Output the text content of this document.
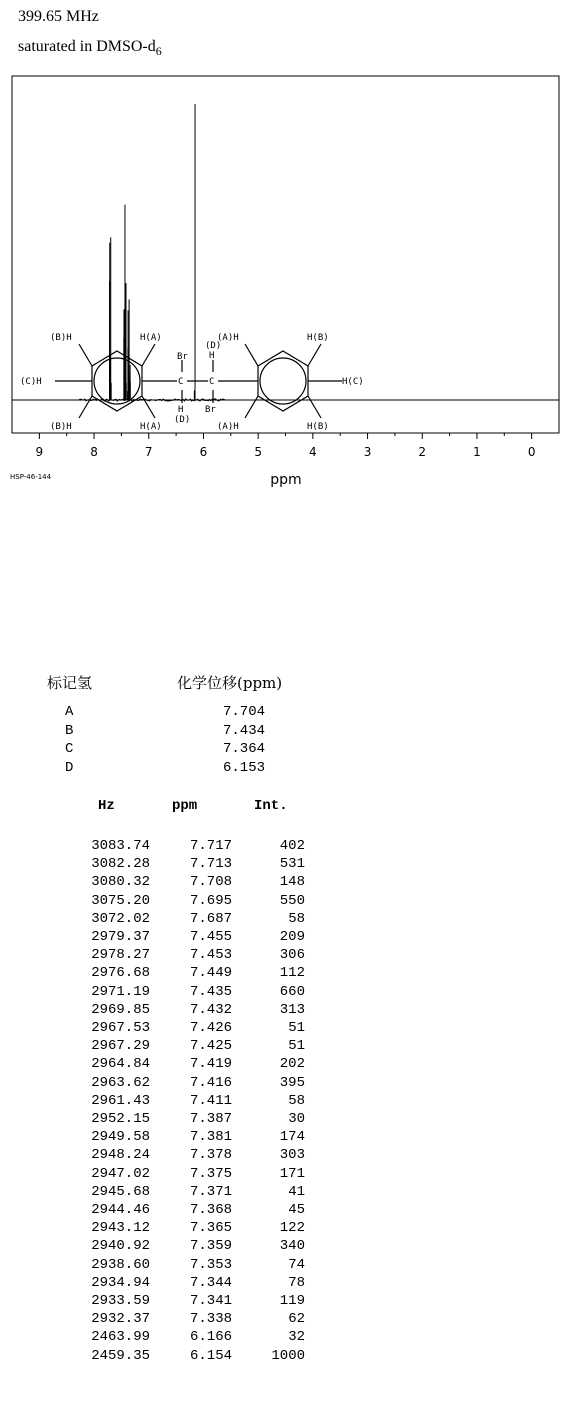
399.65 MHz
saturated in DMSO-$d_6$
9	8	7	6	5	4	3	2	1	0
ppm
HSP-46-144
(B)H	H(A)
(C)H
(B)H	H(A)
Br
C
H
(D)
(D)
H
C
Br
(A)H	H(B)
H(C)
(A)H	H(B)
标记氢	化学位移(ppm)
A	7.704
B	7.434
C	7.364
D	6.153
Hz	ppm	Int.
3083.74	7.717	402
3082.28	7.713	531
3080.32	7.708	148
3075.20	7.695	550
3072.02	7.687	58
2979.37	7.455	209
2978.27	7.453	306
2976.68	7.449	112
2971.19	7.435	660
2969.85	7.432	313
2967.53	7.426	51
2967.29	7.425	51
2964.84	7.419	202
2963.62	7.416	395
2961.43	7.411	58
2952.15	7.387	30
2949.58	7.381	174
2948.24	7.378	303
2947.02	7.375	171
2945.68	7.371	41
2944.46	7.368	45
2943.12	7.365	122
2940.92	7.359	340
2938.60	7.353	74
2934.94	7.344	78
2933.59	7.341	119
2932.37	7.338	62
2463.99	6.166	32
2459.35	6.154	1000
